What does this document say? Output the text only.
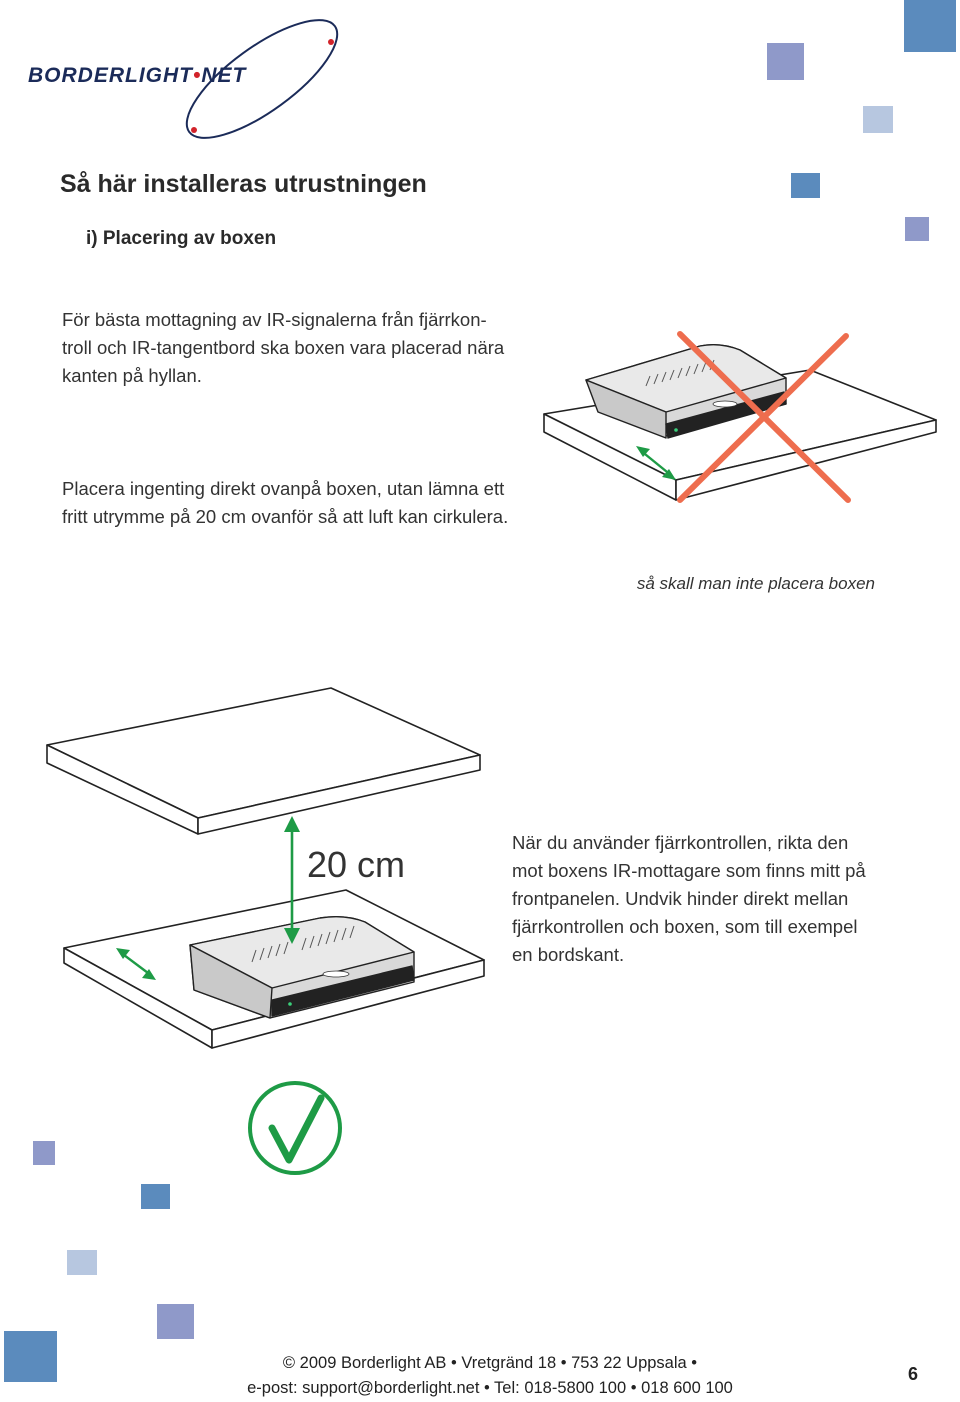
BORDERLIGHT•NET
Så här installeras utrustningen

i) Placering av boxen

För bästa mottagning av IR-signalerna från fjärrkon-
troll och IR-tangentbord ska boxen vara placerad nära
kanten på hyllan.
Placera ingenting direkt ovanpå boxen, utan lämna ett
fritt utrymme på 20 cm ovanför så att luft kan cirkulera.
så skall man inte placera boxen
20 cm
När du använder fjärrkontrollen, rikta den
mot boxens IR-mottagare som finns mitt på
frontpanelen. Undvik hinder direkt mellan
fjärrkontrollen och boxen, som till exempel
en bordskant.
© 2009 Borderlight AB • Vretgränd 18 • 753 22 Uppsala •
e-post: support@borderlight.net • Tel: 018-5800 100 • 018 600 100
6
